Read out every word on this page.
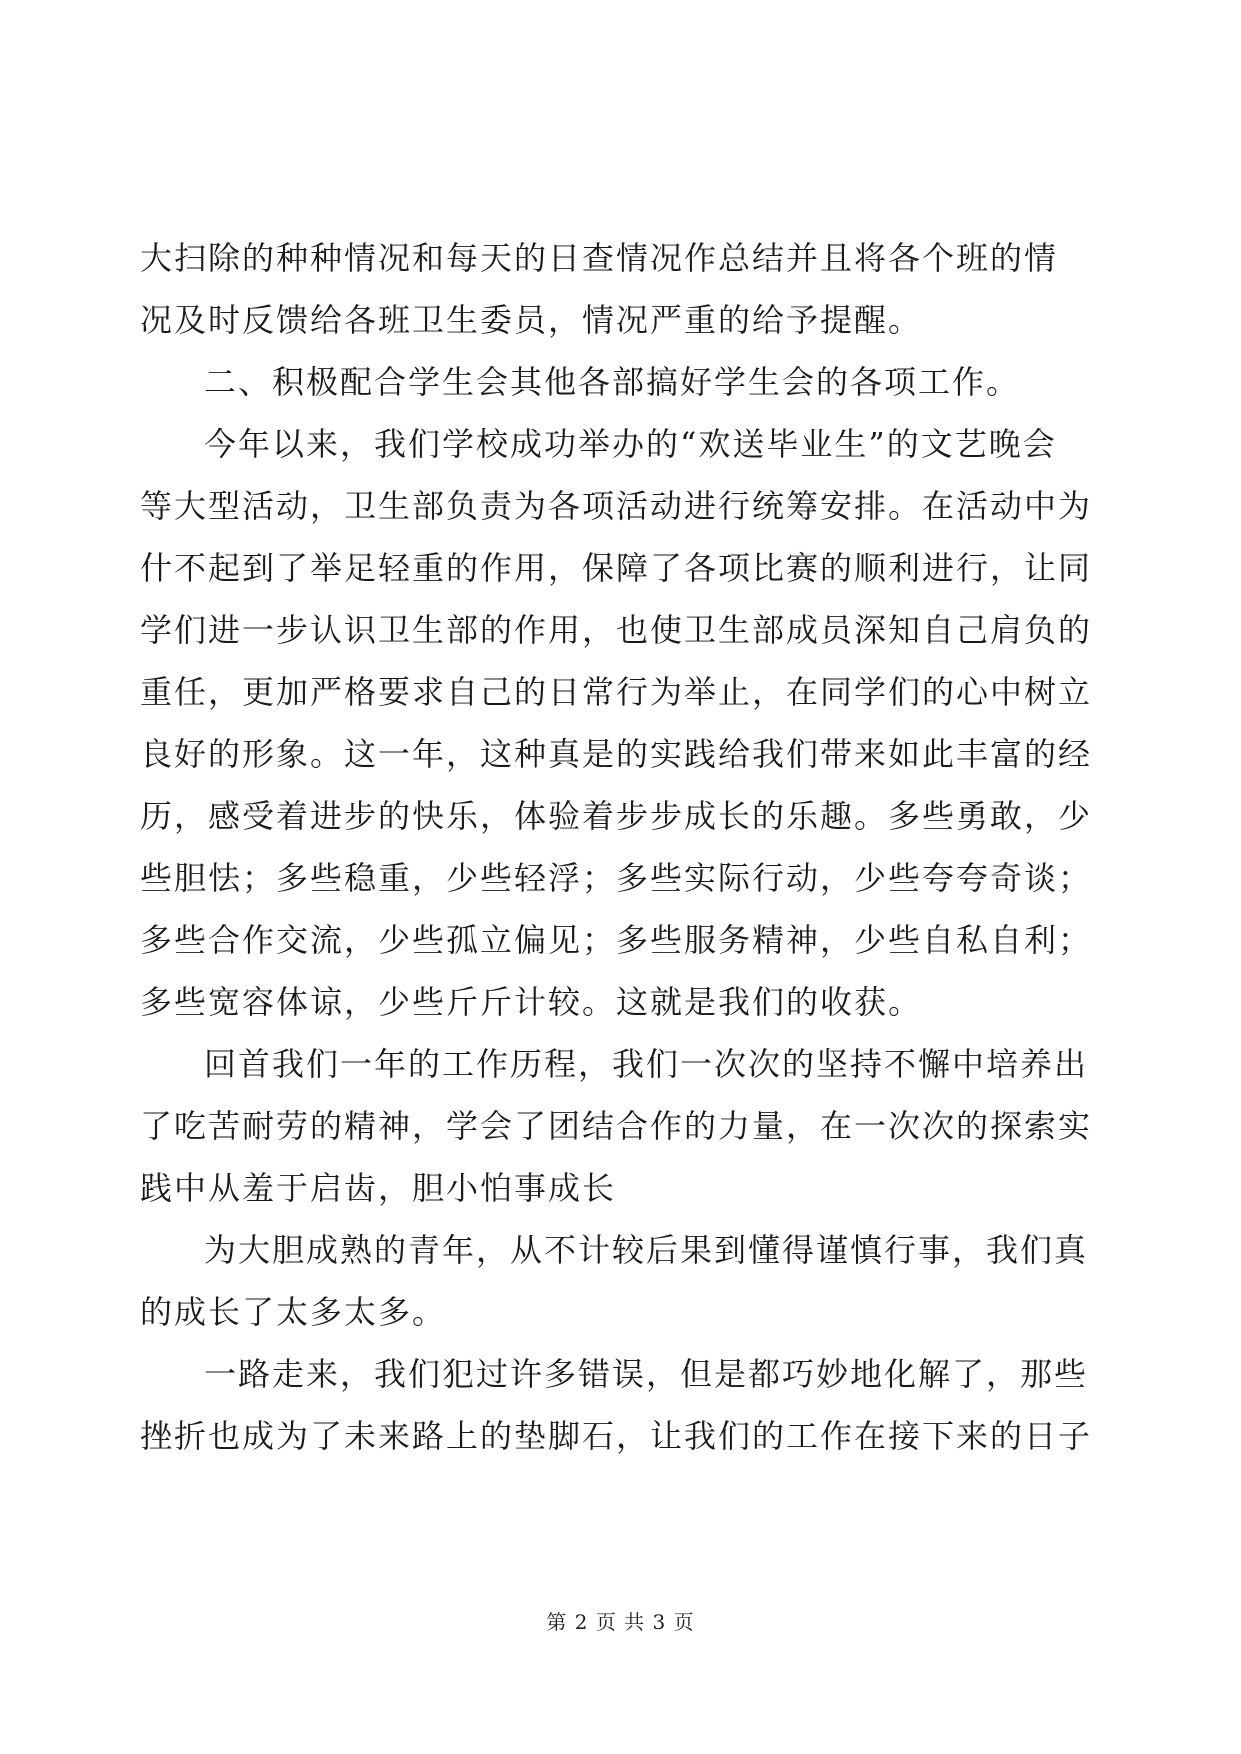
大扫除的种种情况和每天的日查情况作总结并且将各个班的情
况及时反馈给各班卫生委员，情况严重的给予提醒。
二、积极配合学生会其他各部搞好学生会的各项工作。
今年以来，我们学校成功举办的“欢送毕业生”的文艺晚会
等大型活动，卫生部负责为各项活动进行统筹安排。在活动中为
什不起到了举足轻重的作用，保障了各项比赛的顺利进行，让同
学们进一步认识卫生部的作用，也使卫生部成员深知自己肩负的
重任，更加严格要求自己的日常行为举止，在同学们的心中树立
良好的形象。这一年，这种真是的实践给我们带来如此丰富的经
历，感受着进步的快乐，体验着步步成长的乐趣。多些勇敢，少
些胆怯；多些稳重，少些轻浮；多些实际行动，少些夸夸奇谈；
多些合作交流，少些孤立偏见；多些服务精神，少些自私自利；
多些宽容体谅，少些斤斤计较。这就是我们的收获。
回首我们一年的工作历程，我们一次次的坚持不懈中培养出
了吃苦耐劳的精神，学会了团结合作的力量，在一次次的探索实
践中从羞于启齿，胆小怕事成长
为大胆成熟的青年，从不计较后果到懂得谨慎行事，我们真
的成长了太多太多。
一路走来，我们犯过许多错误，但是都巧妙地化解了，那些
挫折也成为了未来路上的垫脚石，让我们的工作在接下来的日子
第 2 页 共 3 页
